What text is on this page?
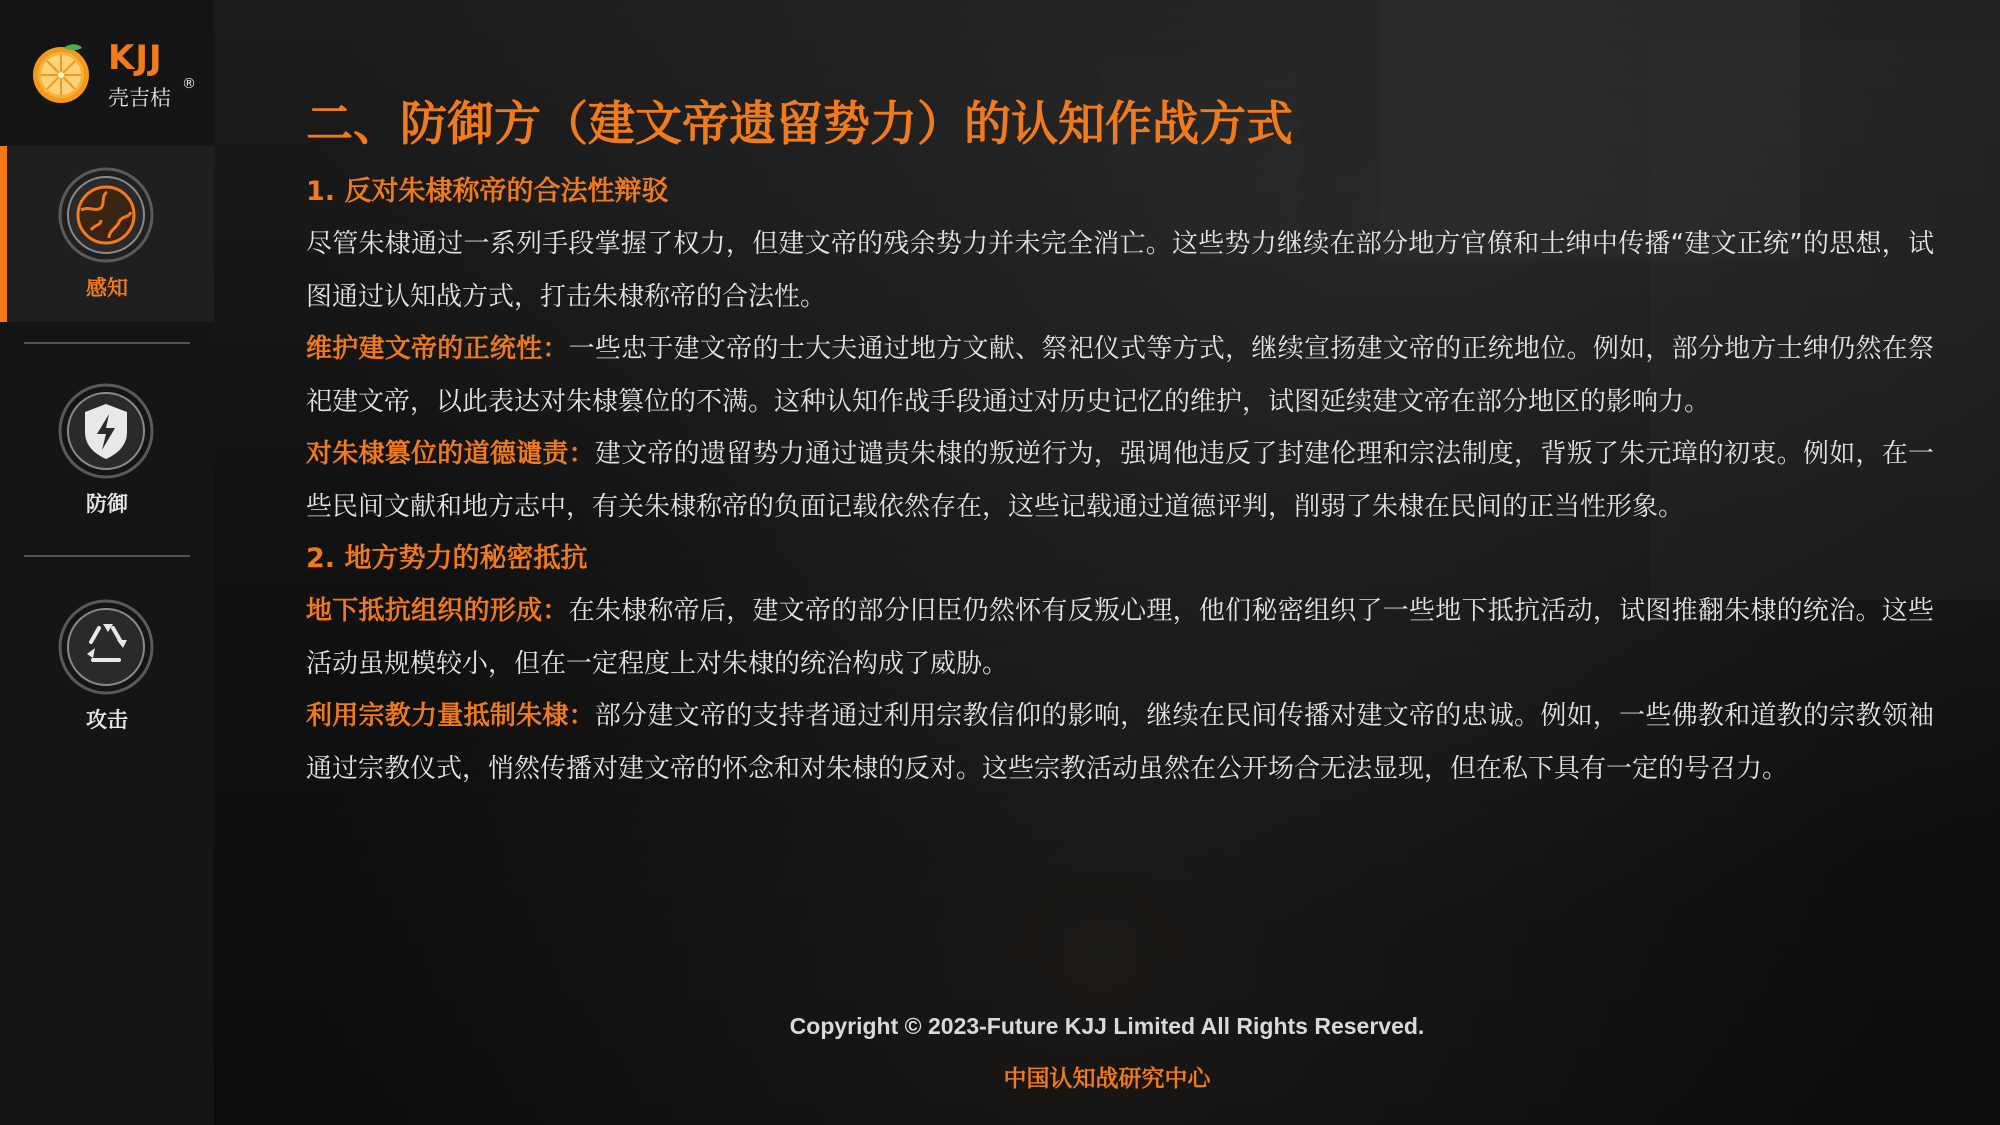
KJJ
壳吉桔
®
感知
防御
攻击
二、防御方（建文帝遗留势力）的认知作战方式
1. 反对朱棣称帝的合法性辩驳
尽管朱棣通过一系列手段掌握了权力，但建文帝的残余势力并未完全消亡。这些势力继续在部分地方官僚和士绅中传播“建文正统”的思想，试图通过认知战方式，打击朱棣称帝的合法性。
维护建文帝的正统性：一些忠于建文帝的士大夫通过地方文献、祭祀仪式等方式，继续宣扬建文帝的正统地位。例如，部分地方士绅仍然在祭祀建文帝，以此表达对朱棣篡位的不满。这种认知作战手段通过对历史记忆的维护，试图延续建文帝在部分地区的影响力。
对朱棣篡位的道德谴责：建文帝的遗留势力通过谴责朱棣的叛逆行为，强调他违反了封建伦理和宗法制度，背叛了朱元璋的初衷。例如，在一些民间文献和地方志中，有关朱棣称帝的负面记载依然存在，这些记载通过道德评判，削弱了朱棣在民间的正当性形象。
2. 地方势力的秘密抵抗
地下抵抗组织的形成：在朱棣称帝后，建文帝的部分旧臣仍然怀有反叛心理，他们秘密组织了一些地下抵抗活动，试图推翻朱棣的统治。这些活动虽规模较小，但在一定程度上对朱棣的统治构成了威胁。
利用宗教力量抵制朱棣：部分建文帝的支持者通过利用宗教信仰的影响，继续在民间传播对建文帝的忠诚。例如，一些佛教和道教的宗教领袖通过宗教仪式，悄然传播对建文帝的怀念和对朱棣的反对。这些宗教活动虽然在公开场合无法显现，但在私下具有一定的号召力。
Copyright © 2023-Future KJJ Limited All Rights Reserved.
中国认知战研究中心
